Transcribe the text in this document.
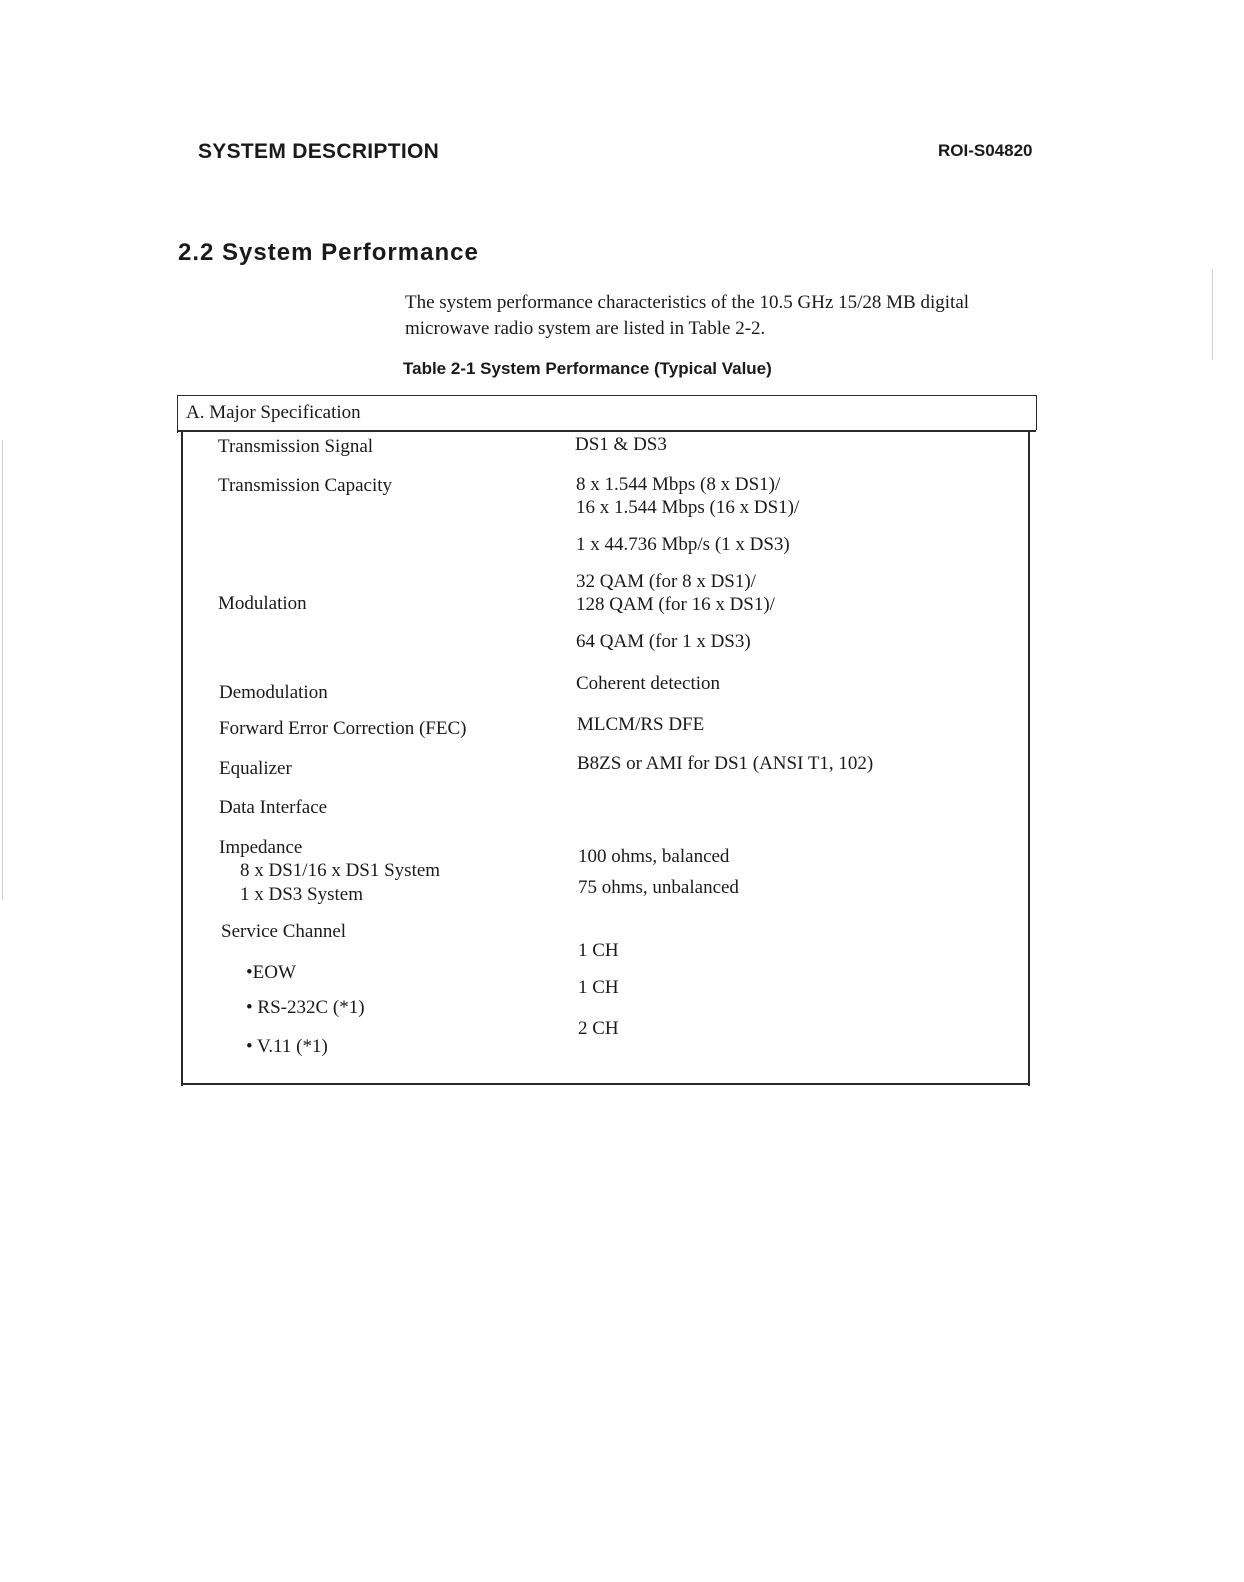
SYSTEM DESCRIPTION	ROI-S04820
2.2 System Performance
The system performance characteristics of the 10.5 GHz 15/28 MB digital
microwave radio system are listed in Table 2-2.
Table 2-1 System Performance (Typical Value)
A. Major Specification
Transmission Signal
Transmission Capacity
Modulation
Demodulation
Forward Error Correction (FEC)
Equalizer
Data Interface
Impedance
8 x DS1/16 x DS1 System
1 x DS3 System
Service Channel
•EOW
• RS-232C (*1)
• V.11 (*1)
DS1 & DS3
8 x 1.544 Mbps (8 x DS1)/
16 x 1.544 Mbps (16 x DS1)/
1 x 44.736 Mbp/s (1 x DS3)
32 QAM (for 8 x DS1)/
128 QAM (for 16 x DS1)/
64 QAM (for 1 x DS3)
Coherent detection
MLCM/RS DFE
B8ZS or AMI for DS1 (ANSI T1, 102)
100 ohms, balanced
75 ohms, unbalanced
1 CH
1 CH
2 CH
